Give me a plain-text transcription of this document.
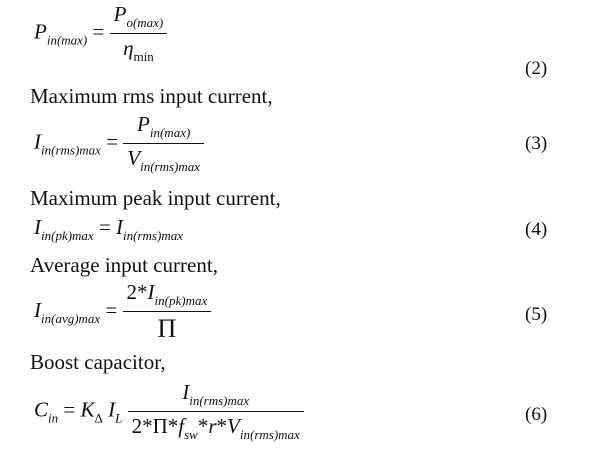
$P_{in(max)} = \frac{P_{o(max)}}{\eta_{min}}$
(2)
Maximum rms input current,
$I_{in(rms)max} = \frac{P_{in(max)}}{V_{in(rms)max}}$	(3)
Maximum peak input current,
$I_{in(pk)max} = I_{in(rms)max}$	(4)
Average input current,
$I_{in(avg)max} = \frac{2*I_{in(pk)max}}{\Pi}$	(5)
Boost capacitor,
$C_{in} = K_\Delta$ $I_L \frac{I_{in(rms)max}}{2*\Pi*f_{sw}*r*V_{in(rms)max}}$	(6)
